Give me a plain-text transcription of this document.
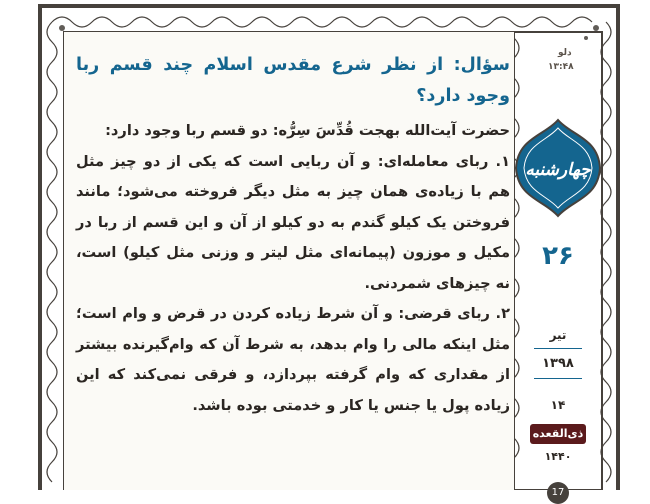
سؤال: از نظر شرع مقدس اسلام چند قسم ربا وجود دارد؟

حضرت آیت‌الله بهجت قُدِّسَ سِرُّه: دو قسم ربا وجود دارد:

۱. ربای معامله‌ای: و آن ربایی است که یکی از دو چیز مثل هم با زیاده‌ی همان چیز به مثل دیگر فروخته می‌شود؛ مانند فروختن یک کیلو گندم به دو کیلو از آن و این قسم از ربا در مکیل و موزون (پیمانه‌ای مثل لیتر و وزنی مثل کیلو) است، نه چیزهای شمردنی.

۲. ربای قرضی: و آن شرط زیاده کردن در قرض و وام است؛ مثل اینکه مالی را وام بدهد، به شرط آن که وام‌گیرنده بیشتر از مقداری که وام گرفته بپردازد، و فرقی نمی‌کند که این زیاده پول یا جنس یا کار و خدمتی بوده باشد.

دلو
۱۳:۴۸
چهارشنبه
۲۶
تیر
۱۳۹۸
۱۴
ذی‌القعده
۱۴۴۰
17
